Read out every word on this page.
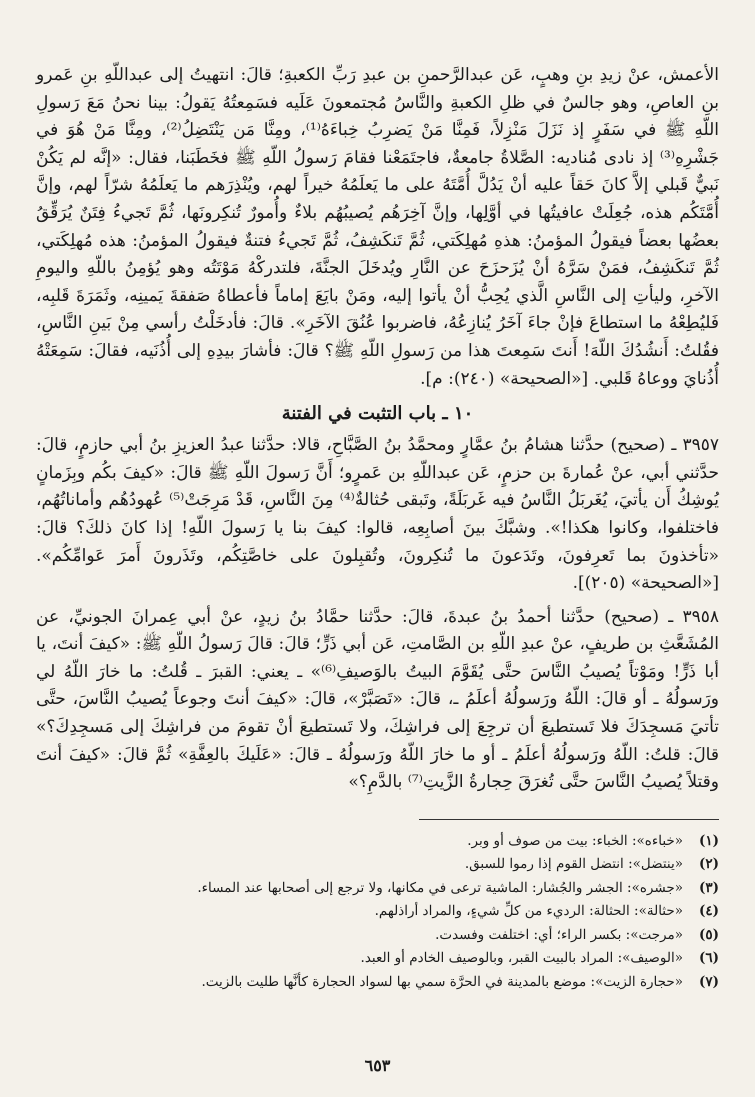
الأعمش، عنْ زيدِ بنِ وهبٍ، عَن عبدالرَّحمنِ بن عبدِ رَبِّ الكعبةِ؛ قالَ: انتهيتُ إلى عبداللّهِ بنِ عَمرو بنِ العاصِ، وهو جالسٌ في ظلِ الكعبةِ والنَّاسُ مُجتمعونَ عَلَيه فسَمِعتُهُ يَقولُ: بينا نحنُ مَعَ رَسولِ اللّهِ ﷺ في سَفَرٍ إذ نَزَلَ مَنْزِلاً، فَمِنَّا مَنْ يَضرِبُ خِباءَهُ⁽¹⁾، ومِنَّا مَن يَنْتَضِلُ⁽²⁾، ومِنَّا مَنْ هُوَ في جَشْرِهِ⁽³⁾ إذ نادى مُناديه: الصَّلاةُ جامعةٌ، فاجتَمَعْنا فقامَ رَسولُ اللّهِ ﷺ فخَطَبَنا، فقال: «إنَّه لم يَكُنْ نَبيٌّ قَبلي إلاَّ كانَ حَقاً عليه أنْ يَدُلَّ أُمَّتَهُ على ما يَعلَمُهُ خيراً لهم، ويُنْذِرَهم ما يَعلَمُهُ شرّاً لهم، وإنَّ أُمَّتَكُم هذه، جُعِلَتْ عافيتُها في أوَّلِها، وإنَّ آخِرَهُم يُصيبُهُم بلاءٌ وأُمورٌ تُنكِرونَها، ثُمَّ تَجيءُ فِتَنٌ يُرَقِّقُ بعضُها بعضاً فيقولُ المؤمنُ: هذهِ مُهلِكَتي، ثُمَّ تَنكَشِفُ، ثُمَّ تَجيءُ فتنةٌ فيقولُ المؤمنُ: هذه مُهلِكَتي، ثُمَّ تَنكَشِفُ، فمَنْ سَرَّهُ أنْ يُزَحزَحَ عن النَّارِ ويُدخَلَ الجنَّةَ، فلتدركْهُ مَوْتَتُه وهو يُؤمِنُ باللّهِ واليومِ الآخرِ، وليأتِ إلى النَّاسِ الَّذي يُحِبُّ أنْ يأتوا إليه، ومَنْ بايَعَ إماماً فأعطاهُ صَفقةَ يَمينِه، وثَمَرَةَ قَلبِه، فَليُطِعْهُ ما استطاعَ فإنْ جاءَ آخَرُ يُنازِعُهُ، فاضربوا عُنُقَ الآخَرِ». قالَ: فأدخَلْتُ رأسي مِنْ بَينِ النَّاسِ، فقُلتُ: أَنشُدُكَ اللّهَ! أَنتَ سَمِعتَ هذا من رَسولِ اللّهِ ﷺ؟ قالَ: فأشارَ بيدِهِ إلى أُذُنَيه، فقالَ: سَمِعَتْهُ أُذُنايَ ووعاهُ قَلبي. [«الصحيحة» (٢٤٠): م].

١٠ ـ باب التثبت في الفتنة

٣٩٥٧ ـ (صحيح) حدَّثنا هشامُ بنُ عمَّارٍ ومحمَّدُ بنُ الصَّبَّاحِ، قالا: حدَّثنا عبدُ العزيزِ بنُ أبي حازمٍ، قالَ: حدَّثني أبي، عنْ عُمارةَ بن حزمٍ، عَن عبداللّهِ بن عَمرٍو؛ أَنَّ رَسولَ اللّهِ ﷺ قالَ: «كيفَ بكُم وبِزَمانٍ يُوشِكُ أَن يأتيَ، يُغَربَلُ النَّاسُ فيه غَربَلَةً، وتَبقى حُثالةٌ⁽⁴⁾ مِنَ النَّاسِ، قَدْ مَرِجَتْ⁽⁵⁾ عُهودُهُم وأماناتُهُم، فاختلفوا، وكانوا هكذا!». وشبَّكَ بينَ أصابِعِه، قالوا: كيفَ بنا يا رَسولَ اللّهِ! إذا كانَ ذلكَ؟ قالَ: «تأخذونَ بما تَعرِفونَ، وتَدَعونَ ما تُنكِرونَ، وتُقبِلونَ على خاصَّتِكُم، وتَذَرونَ أَمرَ عَوامِّكُم». [«الصحيحة» (٢٠٥)].

٣٩٥٨ ـ (صحيح) حدَّثنا أحمدُ بنُ عبدةَ، قالَ: حدَّثنا حمَّادُ بنُ زيدٍ، عنْ أبي عِمرانَ الجونيِّ، عن المُشَعَّثِ بن طريفٍ، عنْ عبدِ اللّهِ بن الصَّامتِ، عَن أبي ذَرٍّ؛ قالَ: قالَ رَسولُ اللّهِ ﷺ: «كيفَ أنتَ، يا أبا ذَرٍّ! ومَوْتاً يُصيبُ النَّاسَ حتَّى يُقَوَّمَ البيتُ بالوَصيفِ⁽⁶⁾» ـ يعني: القبرَ ـ قُلتُ: ما خارَ اللّهُ لي ورَسولُهُ ـ أو قالَ: اللّهُ ورَسولُهُ أعلَمُ ـ، قالَ: «تَصَبَّرْ»، قالَ: «كيفَ أنتَ وجوعاً يُصيبُ النَّاسَ، حتَّى تأتيَ مَسجِدَكَ فلا تَستطيعَ أن ترجِعَ إلى فراشِكَ، ولا تَستطيعَ أنْ تقومَ من فراشِكَ إلى مَسجِدِكَ؟» قالَ: قلتُ: اللّهُ ورَسولُهُ أعلَمُ ـ أو ما خارَ اللّهُ ورَسولُهُ ـ قالَ: «عَلَيكَ بالعِفَّةِ» ثُمَّ قالَ: «كيفَ أنتَ وقتلاً يُصيبُ النَّاسَ حتَّى تُغرَقَ حِجارةُ الزَّيتِ⁽⁷⁾ بالدَّمِ؟»

(١)
«خباءه»: الخباء: بيت من صوف أو وبر.
(٢)
«ينتضل»: انتضل القوم إذا رموا للسبق.
(٣)
«جشره»: الجشر والجُشار: الماشية ترعى في مكانها، ولا ترجع إلى أصحابها عند المساء.
(٤)
«حثالة»: الحثالة: الرديء من كلِّ شيءٍ، والمراد أراذلهم.
(٥)
«مرجت»: بكسر الراء؛ أي: اختلفت وفسدت.
(٦)
«الوصيف»: المراد بالبيت القبر، وبالوصيف الخادم أو العبد.
(٧)
«حجارة الزيت»: موضع بالمدينة في الحرَّة سمي بها لسواد الحجارة كأنَّها طليت بالزيت.
٦٥٣
